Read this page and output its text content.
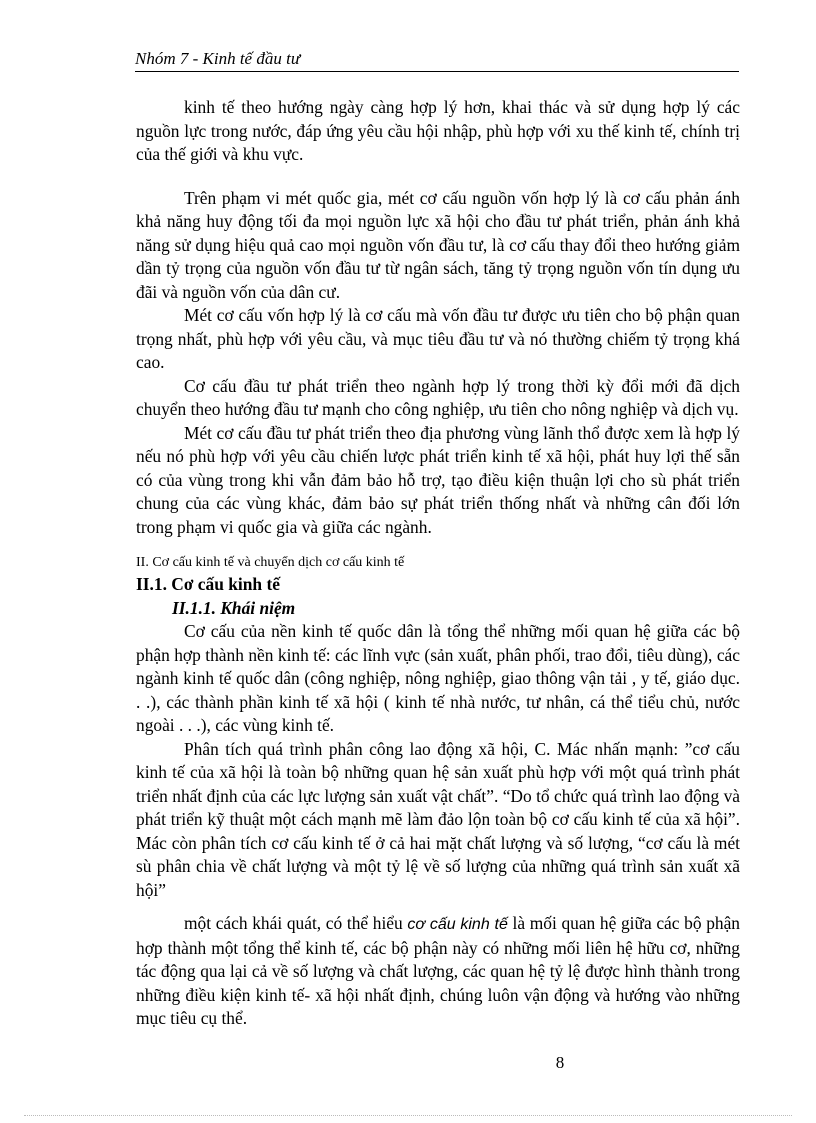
Nhóm 7 - Kinh tế đầu tư

kinh tế theo hướng ngày càng hợp lý hơn, khai thác và sử dụng hợp lý các nguồn lực trong nước, đáp ứng yêu cầu hội nhập, phù hợp với xu thế kinh tế, chính trị của thế giới và khu vực.

Trên phạm vi mét quốc gia, mét cơ cấu nguồn vốn hợp lý là cơ cấu phản ánh khả năng huy động tối đa mọi nguồn lực xã hội cho đầu tư phát triển, phản ánh khả năng sử dụng hiệu quả cao mọi nguồn vốn đầu tư, là cơ cấu thay đổi theo hướng giảm dần tỷ trọng của nguồn vốn đầu tư từ ngân sách, tăng tỷ trọng nguồn vốn tín dụng ưu đãi và nguồn vốn của dân cư.

Mét cơ cấu vốn hợp lý là cơ cấu mà vốn đầu tư được ưu tiên cho bộ phận quan trọng nhất, phù hợp với yêu cầu, và mục tiêu đầu tư và nó thường chiếm tỷ trọng khá cao.

Cơ cấu đầu tư phát triển theo ngành hợp lý trong thời kỳ đổi mới đã dịch chuyển theo hướng đầu tư mạnh cho công nghiệp, ưu tiên cho nông nghiệp và dịch vụ.

Mét cơ cấu đầu tư phát triển theo địa phương vùng lãnh thổ được xem là hợp lý nếu nó phù hợp với yêu cầu chiến lược phát triển kinh tế xã hội, phát huy lợi thế sẵn có của vùng trong khi vẫn đảm bảo hỗ trợ, tạo điều kiện thuận lợi cho sù phát triển chung của các vùng khác, đảm bảo sự phát triển thống nhất và những cân đối lớn trong phạm vi quốc gia và giữa các ngành.

II. Cơ cấu kinh tế và chuyển dịch cơ cấu kinh tế

II.1. Cơ cấu kinh tế

II.1.1. Khái niệm

Cơ cấu của nền kinh tế quốc dân là tổng thể những mối quan hệ giữa các bộ phận hợp thành nền kinh tế: các lĩnh vực (sản xuất, phân phối, trao đổi, tiêu dùng), các ngành kinh tế quốc dân (công nghiệp, nông nghiệp, giao thông vận tải , y tế, giáo dục. . .), các thành phần kinh tế xã hội ( kinh tế nhà nước, tư nhân, cá thể tiểu chủ, nước ngoài . . .), các vùng kinh tế.

Phân tích quá trình phân công lao động xã hội, C. Mác nhấn mạnh: ”cơ cấu kinh tế của xã hội là toàn bộ những quan hệ sản xuất phù hợp với một quá trình phát triển nhất định của các lực lượng sản xuất vật chất”. “Do tổ chức quá trình lao động và phát triển kỹ thuật một cách mạnh mẽ làm đảo lộn toàn bộ cơ cấu kinh tế của xã hội”. Mác còn phân tích cơ cấu kinh tế ở cả hai mặt chất lượng và số lượng, “cơ cấu là mét sù phân chia về chất lượng và một tỷ lệ về số lượng của những quá trình sản xuất xã hội”

một cách khái quát, có thể hiểu cơ cấu kinh tế là mối quan hệ giữa các bộ phận hợp thành một tổng thể kinh tế, các bộ phận này có những mối liên hệ hữu cơ, những tác động qua lại cả về số lượng và chất lượng, các quan hệ tỷ lệ được hình thành trong những điều kiện kinh tế- xã hội nhất định, chúng luôn vận động và hướng vào những mục tiêu cụ thể.

8
